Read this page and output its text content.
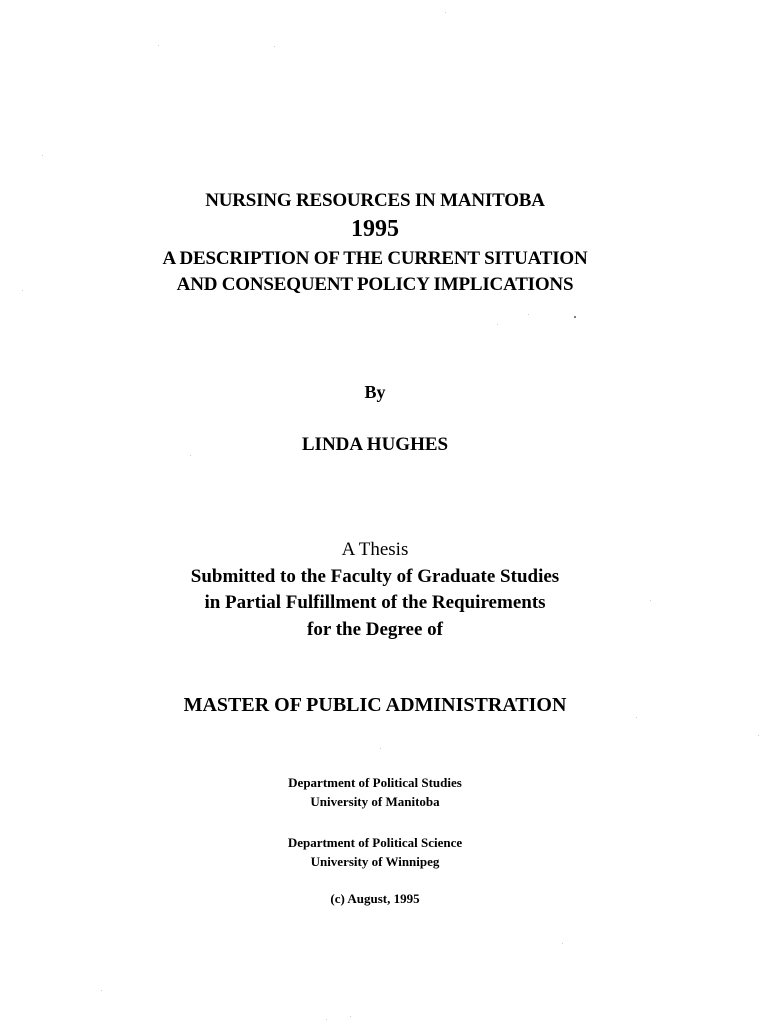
NURSING RESOURCES IN MANITOBA
1995
A DESCRIPTION OF THE CURRENT SITUATION
AND CONSEQUENT POLICY IMPLICATIONS
By
LINDA HUGHES
A Thesis
Submitted to the Faculty of Graduate Studies
in Partial Fulfillment of the Requirements
for the Degree of
MASTER OF PUBLIC ADMINISTRATION
Department of Political Studies
University of Manitoba
Department of Political Science
University of Winnipeg
(c) August, 1995
